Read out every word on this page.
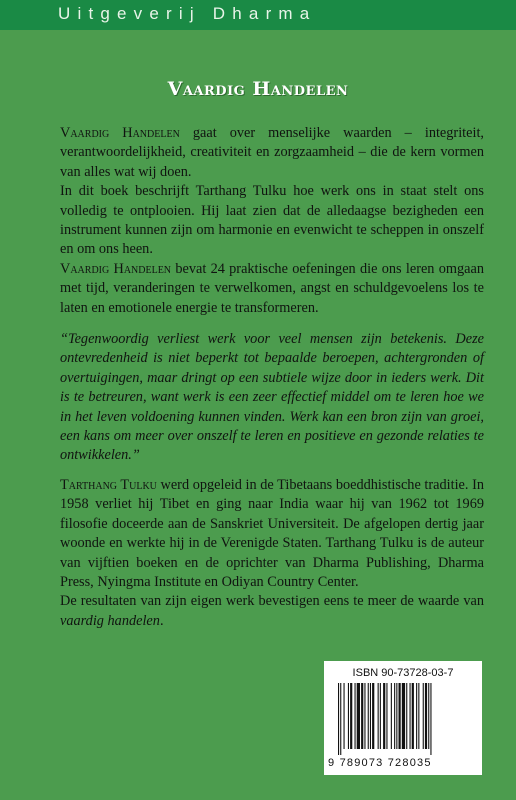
Uitgeverij Dharma
Vaardig Handelen

Vaardig Handelen gaat over menselijke waarden – integriteit, verantwoordelijkheid, creativiteit en zorgzaamheid – die de kern vormen van alles wat wij doen.

In dit boek beschrijft Tarthang Tulku hoe werk ons in staat stelt ons volledig te ontplooien. Hij laat zien dat de alledaagse bezigheden een instrument kunnen zijn om harmonie en evenwicht te scheppen in onszelf en om ons heen.

Vaardig Handelen bevat 24 praktische oefeningen die ons leren omgaan met tijd, veranderingen te verwelkomen, angst en schuldgevoelens los te laten en emotionele energie te transformeren.

“Tegenwoordig verliest werk voor veel mensen zijn betekenis. Deze ontevredenheid is niet beperkt tot bepaalde beroepen, achtergronden of overtuigingen, maar dringt op een subtiele wijze door in ieders werk. Dit is te betreuren, want werk is een zeer effectief middel om te leren hoe we in het leven voldoening kunnen vinden. Werk kan een bron zijn van groei, een kans om meer over onszelf te leren en positieve en gezonde relaties te ontwikkelen.”

Tarthang Tulku werd opgeleid in de Tibetaans boeddhistische traditie. In 1958 verliet hij Tibet en ging naar India waar hij van 1962 tot 1969 filosofie doceerde aan de Sanskriet Universiteit. De afgelopen dertig jaar woonde en werkte hij in de Verenigde Staten. Tarthang Tulku is de auteur van vijftien boeken en de oprichter van Dharma Publishing, Dharma Press, Nyingma Institute en Odiyan Country Center.

De resultaten van zijn eigen werk bevestigen eens te meer de waarde van vaardig handelen.

ISBN 90-73728-03-7
9 789073 728035
